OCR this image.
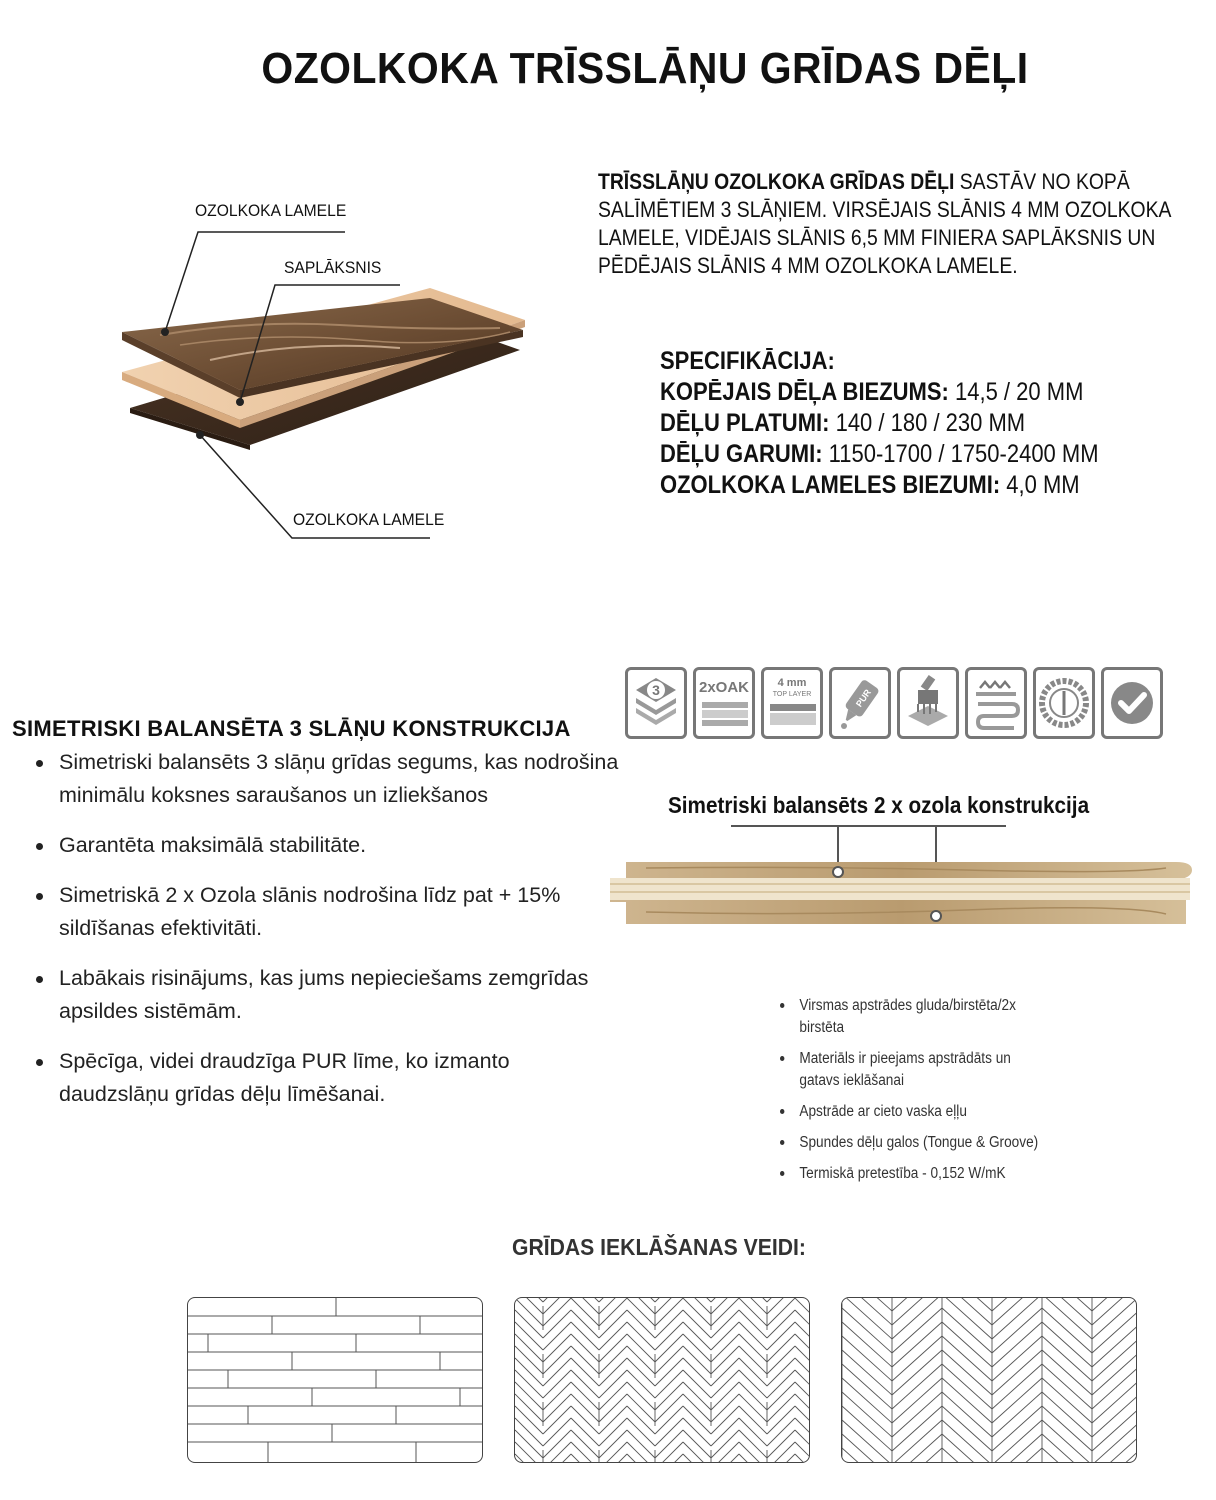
OZOLKOKA TRĪSSLĀŅU GRĪDAS DĒĻI
OZOLKOKA LAMELE
SAPLĀKSNIS
OZOLKOKA LAMELE
TRĪSSLĀŅU OZOLKOKA GRĪDAS DĒĻI SASTĀV NO KOPĀ SALĪMĒTIEM 3 SLĀŅIEM. VIRSĒJAIS SLĀNIS 4 MM OZOLKOKA LAMELE, VIDĒJAIS SLĀNIS 6,5 MM FINIERA SAPLĀKSNIS UN PĒDĒJAIS SLĀNIS 4 MM OZOLKOKA LAMELE.
SPECIFIKĀCIJA:
KOPĒJAIS DĒĻA BIEZUMS: 14,5 / 20 MM
DĒĻU PLATUMI: 140 / 180 / 230 MM
DĒĻU GARUMI: 1150-1700 / 1750-2400 MM
OZOLKOKA LAMELES BIEZUMI: 4,0 MM
3	2xOAK	4 mm
TOP LAYER	PUR
SIMETRISKI BALANSĒTA 3 SLĀŅU KONSTRUKCIJA
Simetriski balansēts 3 slāņu grīdas segums, kas nodrošina minimālu koksnes saraušanos un izliekšanos
Garantēta maksimālā stabilitāte.
Simetriskā 2 x Ozola slānis nodrošina līdz pat + 15% sildīšanas efektivitāti.
Labākais risinājums, kas jums nepieciešams zemgrīdas apsildes sistēmām.
Spēcīga, videi draudzīga PUR līme, ko izmanto daudzslāņu grīdas dēļu līmēšanai.
Simetriski balansēts 2 x ozola konstrukcija
Virsmas apstrādes gluda/birstēta/2x birstēta
Materiāls ir pieejams apstrādāts un gatavs ieklāšanai
Apstrāde ar cieto vaska eļļu
Spundes dēļu galos (Tongue & Groove)
Termiskā pretestība - 0,152 W/mK
GRĪDAS IEKLĀŠANAS VEIDI:
